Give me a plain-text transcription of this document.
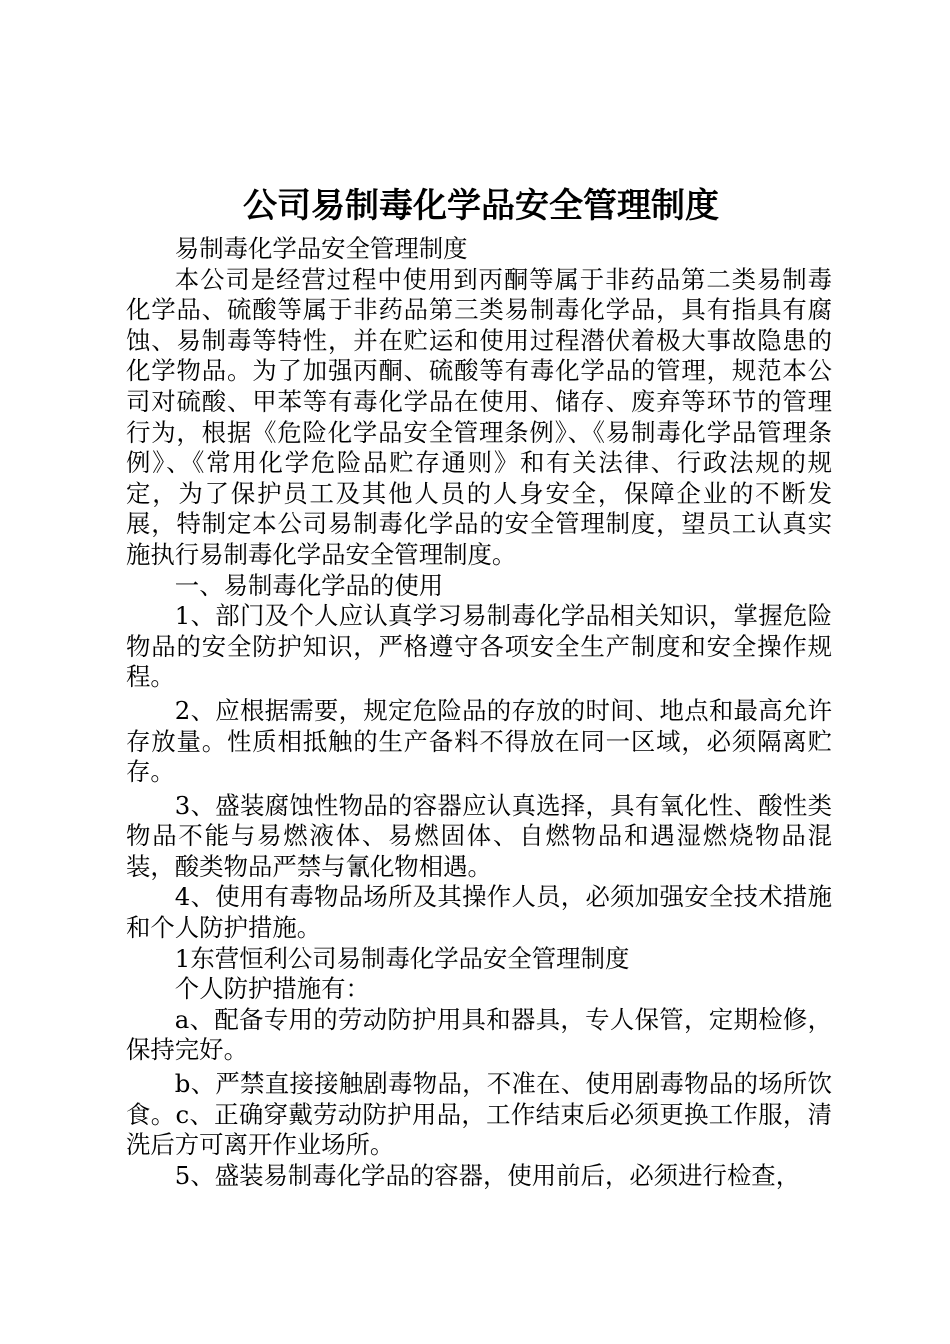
公司易制毒化学品安全管理制度

易制毒化学品安全管理制度

本公司是经营过程中使用到丙酮等属于非药品第二类易制毒化学品、硫酸等属于非药品第三类易制毒化学品，具有指具有腐蚀、易制毒等特性，并在贮运和使用过程潜伏着极大事故隐患的化学物品。为了加强丙酮、硫酸等有毒化学品的管理，规范本公司对硫酸、甲苯等有毒化学品在使用、储存、废弃等环节的管理行为，根据《危险化学品安全管理条例》、《易制毒化学品管理条例》、《常用化学危险品贮存通则》和有关法律、行政法规的规定，为了保护员工及其他人员的人身安全，保障企业的不断发展，特制定本公司易制毒化学品的安全管理制度，望员工认真实施执行易制毒化学品安全管理制度。

一、易制毒化学品的使用

1、部门及个人应认真学习易制毒化学品相关知识，掌握危险物品的安全防护知识，严格遵守各项安全生产制度和安全操作规程。

2、应根据需要，规定危险品的存放的时间、地点和最高允许存放量。性质相抵触的生产备料不得放在同一区域，必须隔离贮存。

3、盛装腐蚀性物品的容器应认真选择，具有氧化性、酸性类物品不能与易燃液体、易燃固体、自燃物品和遇湿燃烧物品混装，酸类物品严禁与氰化物相遇。

4、使用有毒物品场所及其操作人员，必须加强安全技术措施和个人防护措施。

1东营恒利公司易制毒化学品安全管理制度

个人防护措施有：

a、配备专用的劳动防护用具和器具，专人保管，定期检修，保持完好。

b、严禁直接接触剧毒物品，不准在、使用剧毒物品的场所饮食。c、正确穿戴劳动防护用品，工作结束后必须更换工作服，清洗后方可离开作业场所。

5、盛装易制毒化学品的容器，使用前后，必须进行检查，
